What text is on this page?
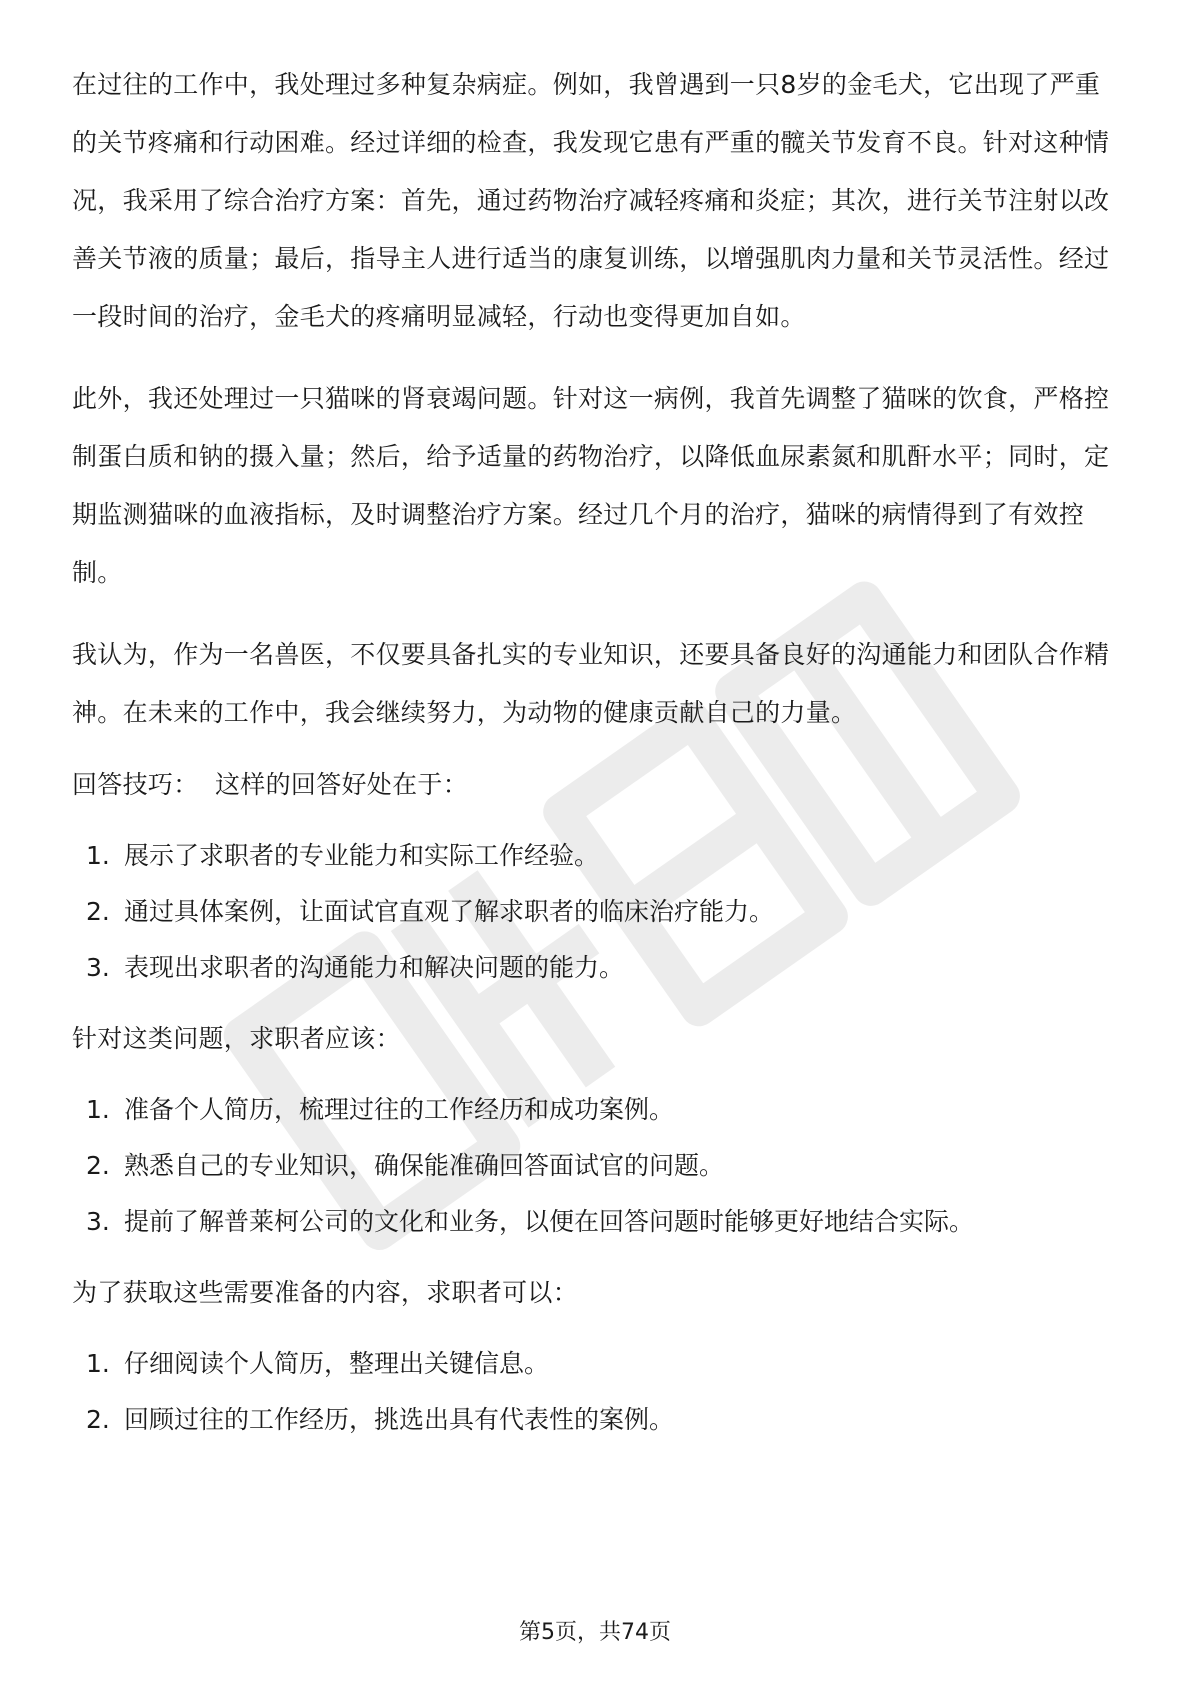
在过往的工作中，我处理过多种复杂病症。例如，我曾遇到一只8岁的金毛犬，它出现了严重的关节疼痛和行动困难。经过详细的检查，我发现它患有严重的髋关节发育不良。针对这种情况，我采用了综合治疗方案：首先，通过药物治疗减轻疼痛和炎症；其次，进行关节注射以改善关节液的质量；最后，指导主人进行适当的康复训练，以增强肌肉力量和关节灵活性。经过一段时间的治疗，金毛犬的疼痛明显减轻，行动也变得更加自如。

此外，我还处理过一只猫咪的肾衰竭问题。针对这一病例，我首先调整了猫咪的饮食，严格控制蛋白质和钠的摄入量；然后，给予适量的药物治疗，以降低血尿素氮和肌酐水平；同时，定期监测猫咪的血液指标，及时调整治疗方案。经过几个月的治疗，猫咪的病情得到了有效控制。

我认为，作为一名兽医，不仅要具备扎实的专业知识，还要具备良好的沟通能力和团队合作精神。在未来的工作中，我会继续努力，为动物的健康贡献自己的力量。

回答技巧：  这样的回答好处在于：

1. 展示了求职者的专业能力和实际工作经验。
2. 通过具体案例，让面试官直观了解求职者的临床治疗能力。
3. 表现出求职者的沟通能力和解决问题的能力。

针对这类问题，求职者应该：

1. 准备个人简历，梳理过往的工作经历和成功案例。
2. 熟悉自己的专业知识，确保能准确回答面试官的问题。
3. 提前了解普莱柯公司的文化和业务，以便在回答问题时能够更好地结合实际。

为了获取这些需要准备的内容，求职者可以：

1. 仔细阅读个人简历，整理出关键信息。
2. 回顾过往的工作经历，挑选出具有代表性的案例。
第5页，共74页
